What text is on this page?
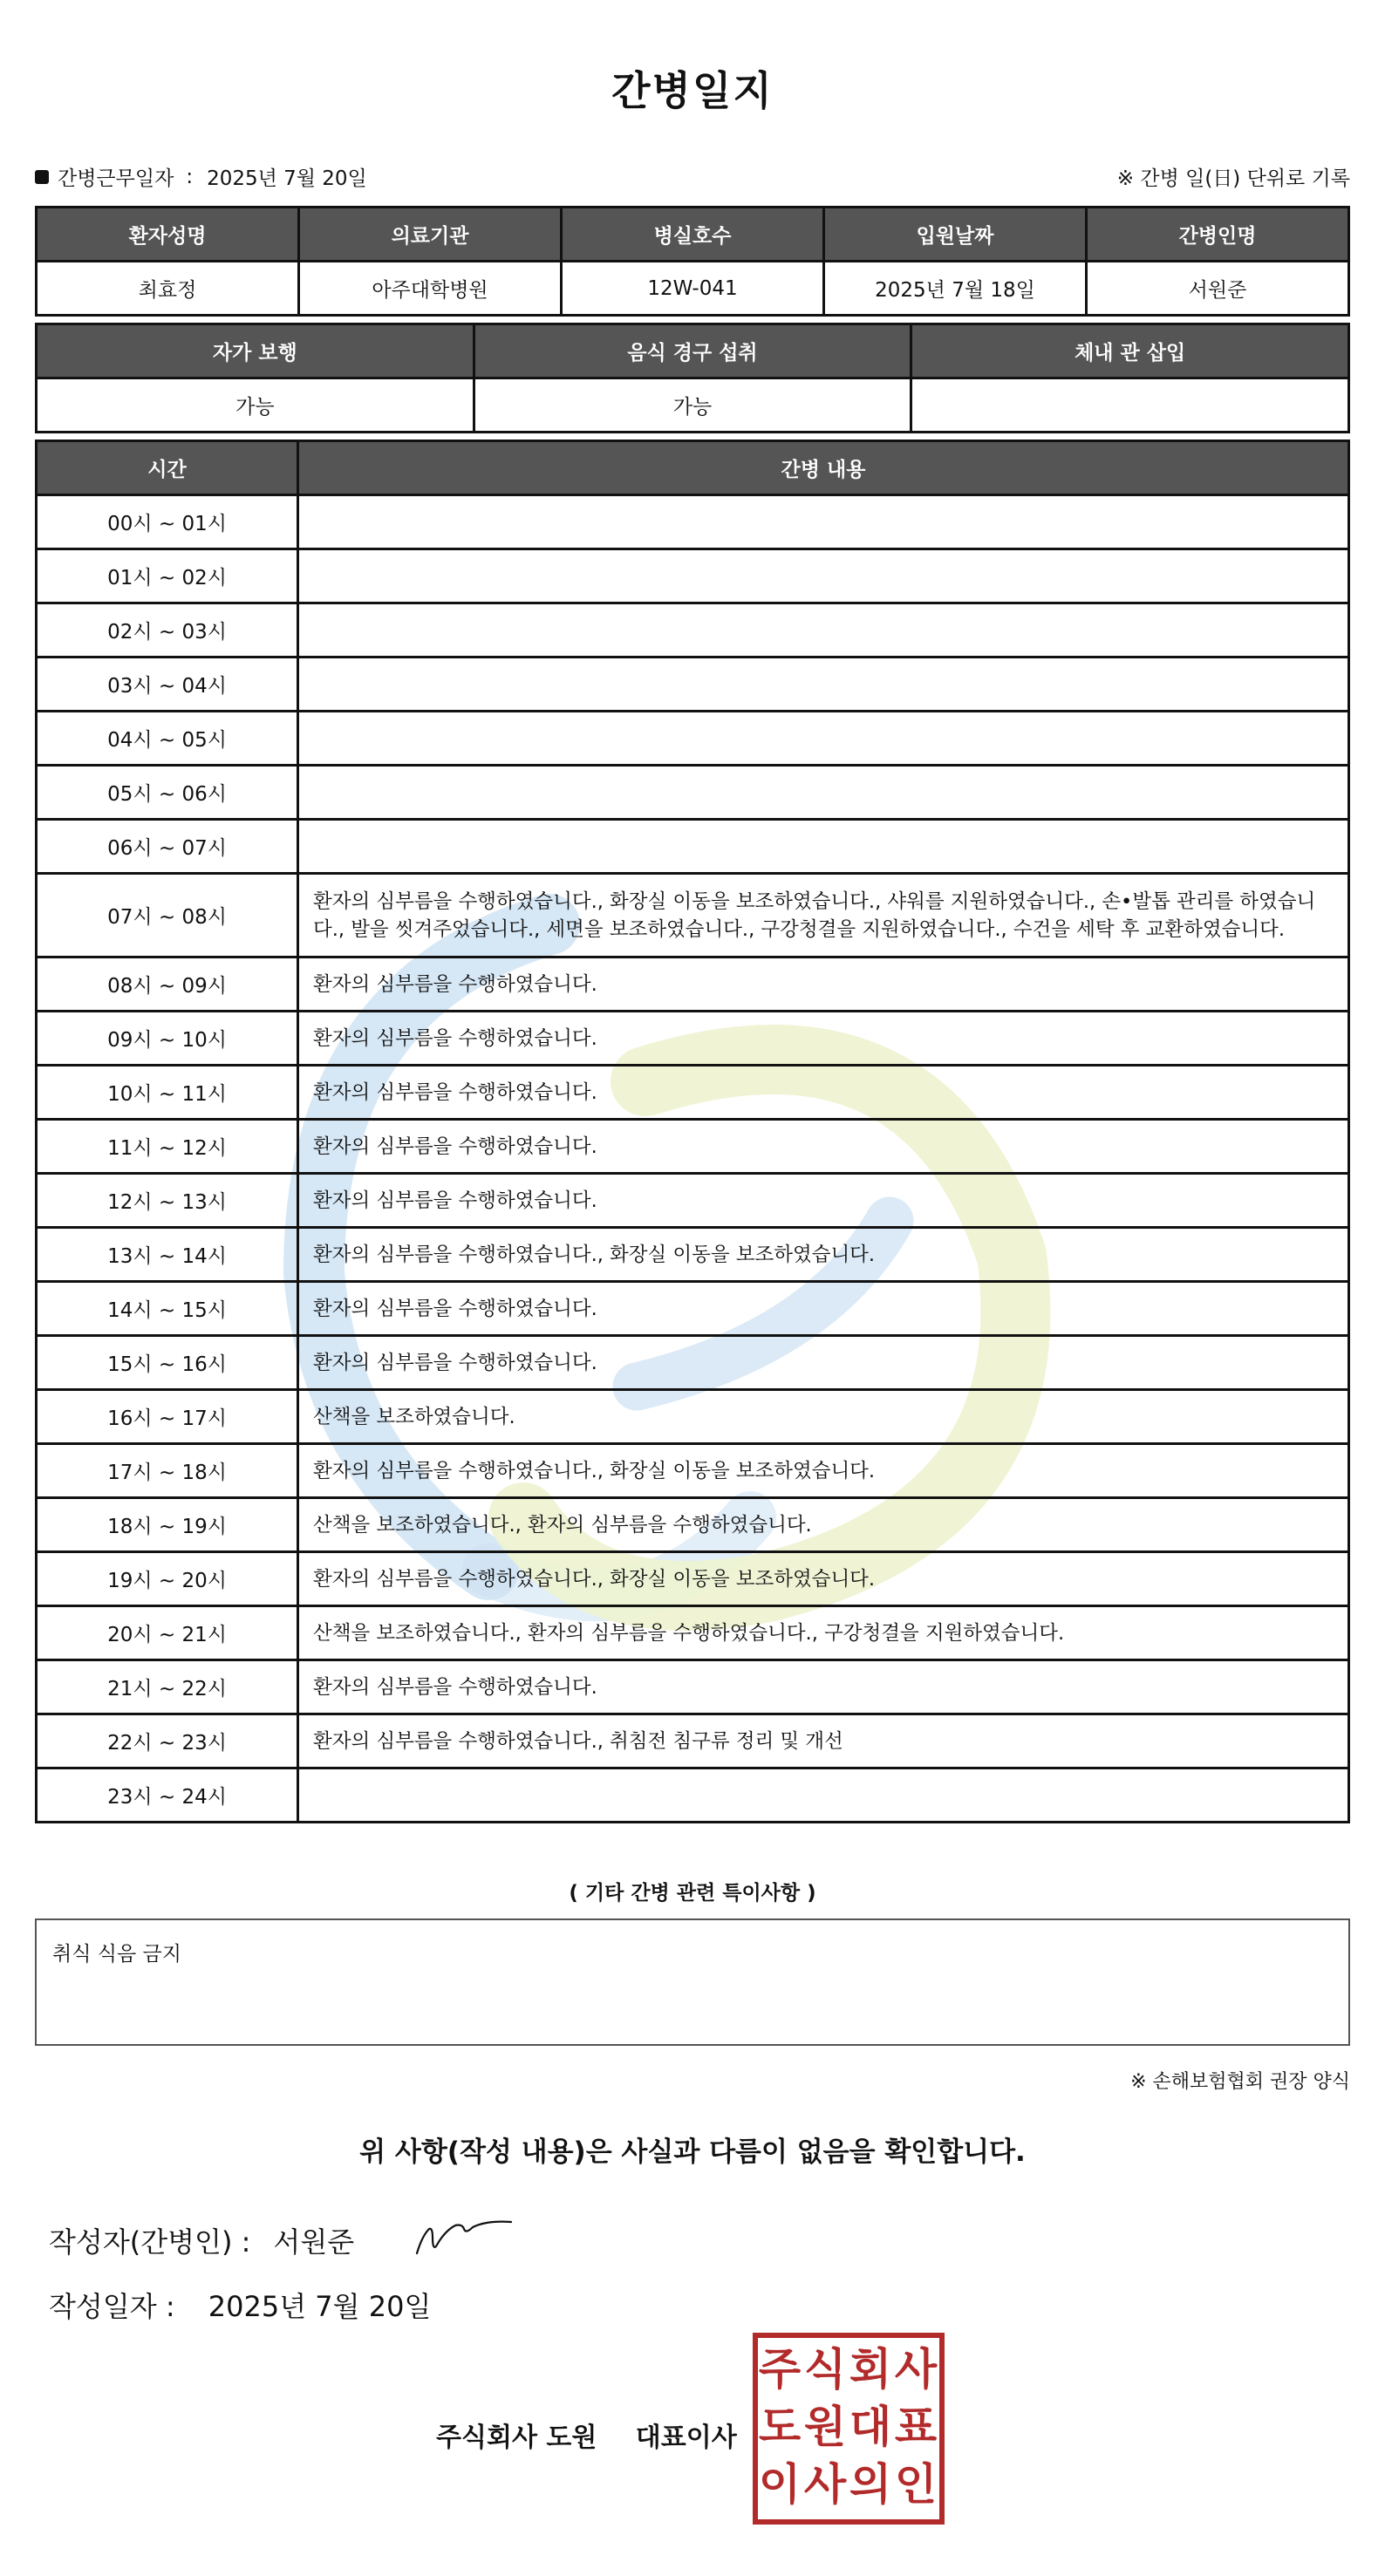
간병일지
간병근무일자 : 2025년 7월 20일	※ 간병 일(日) 단위로 기록
환자성명	의료기관	병실호수	입원날짜	간병인명
최효정	아주대학병원	12W-041	2025년 7월 18일	서원준
자가 보행	음식 경구 섭취	체내 관 삽입
가능	가능	
시간	간병 내용
00시 ~ 01시	
01시 ~ 02시	
02시 ~ 03시	
03시 ~ 04시	
04시 ~ 05시	
05시 ~ 06시	
06시 ~ 07시	
07시 ~ 08시	환자의 심부름을 수행하였습니다., 화장실 이동을 보조하였습니다., 샤워를 지원하였습니다., 손•발톱 관리를 하였습니다., 발을 씻겨주었습니다., 세면을 보조하였습니다., 구강청결을 지원하였습니다., 수건을 세탁 후 교환하였습니다.
08시 ~ 09시	환자의 심부름을 수행하였습니다.
09시 ~ 10시	환자의 심부름을 수행하였습니다.
10시 ~ 11시	환자의 심부름을 수행하였습니다.
11시 ~ 12시	환자의 심부름을 수행하였습니다.
12시 ~ 13시	환자의 심부름을 수행하였습니다.
13시 ~ 14시	환자의 심부름을 수행하였습니다., 화장실 이동을 보조하였습니다.
14시 ~ 15시	환자의 심부름을 수행하였습니다.
15시 ~ 16시	환자의 심부름을 수행하였습니다.
16시 ~ 17시	산책을 보조하였습니다.
17시 ~ 18시	환자의 심부름을 수행하였습니다., 화장실 이동을 보조하였습니다.
18시 ~ 19시	산책을 보조하였습니다., 환자의 심부름을 수행하였습니다.
19시 ~ 20시	환자의 심부름을 수행하였습니다., 화장실 이동을 보조하였습니다.
20시 ~ 21시	산책을 보조하였습니다., 환자의 심부름을 수행하였습니다., 구강청결을 지원하였습니다.
21시 ~ 22시	환자의 심부름을 수행하였습니다.
22시 ~ 23시	환자의 심부름을 수행하였습니다., 취침전 침구류 정리 및 개선
23시 ~ 24시	
( 기타 간병 관련 특이사항 )
취식 식음 금지
※ 손해보험협회 권장 양식
위 사항(작성 내용)은 사실과 다름이 없음을 확인합니다.
작성자(간병인) : 서원준
작성일자 : 2025년 7월 20일
주식회사 도원 대표이사
주 식 회 사
도 원 대 표
이 사 의 인
